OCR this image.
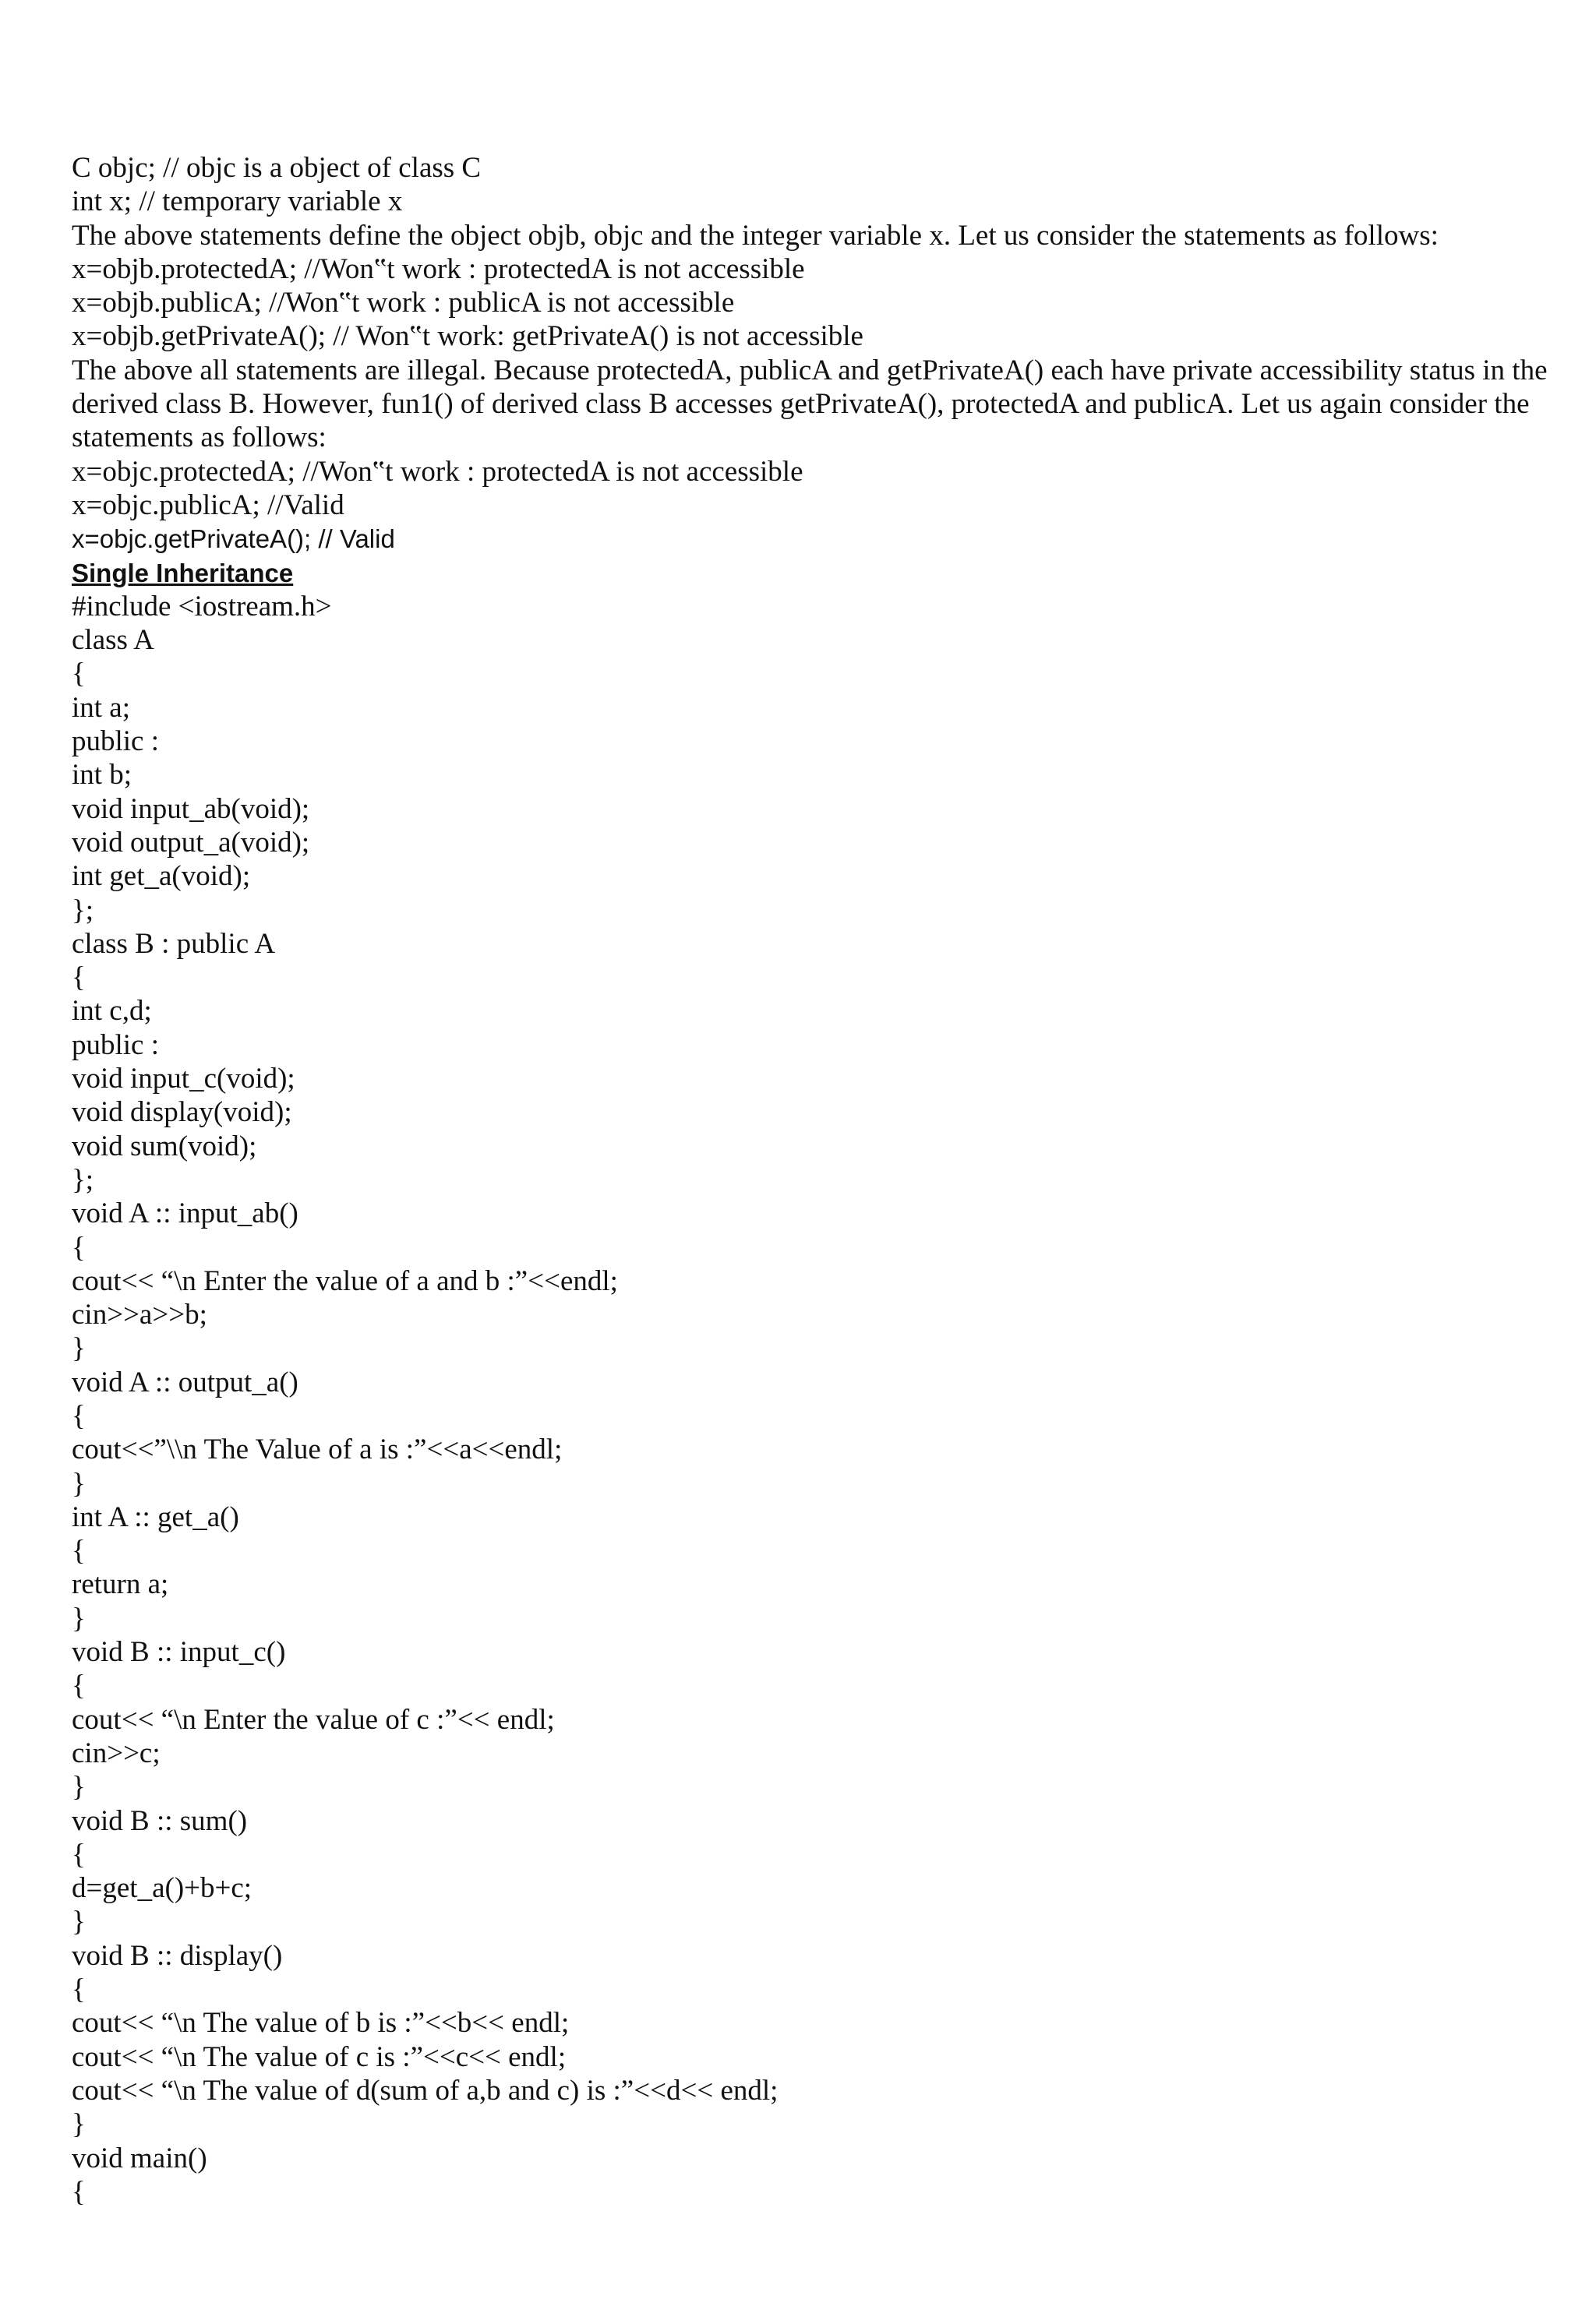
C objc; // objc is a object of class C
int x; // temporary variable x
The above statements define the object objb, objc and the integer variable x. Let us consider the statements as follows:
x=objb.protectedA; //Won‟t work : protectedA is not accessible
x=objb.publicA; //Won‟t work : publicA is not accessible
x=objb.getPrivateA(); // Won‟t work: getPrivateA() is not accessible

The above all statements are illegal. Because protectedA, publicA and getPrivateA() each have private accessibility status in the derived class B. However, fun1() of derived class B accesses getPrivateA(), protectedA and publicA. Let us again consider the statements as follows:

x=objc.protectedA; //Won‟t work : protectedA is not accessible
x=objc.publicA; //Valid
x=objc.getPrivateA(); // Valid
Single Inheritance
#include <iostream.h>
class A
{
int a;
public :
int b;
void input_ab(void);
void output_a(void);
int get_a(void);
};
class B : public A
{
int c,d;
public :
void input_c(void);
void display(void);
void sum(void);
};
void A :: input_ab()
{
cout<< “\n Enter the value of a and b :”<<endl;
cin>>a>>b;
}
void A :: output_a()
{
cout<<”\\n The Value of a is :”<<a<<endl;
}
int A :: get_a()
{
return a;
}
void B :: input_c()
{
cout<< “\n Enter the value of c :”<< endl;
cin>>c;
}
void B :: sum()
{
d=get_a()+b+c;
}
void B :: display()
{
cout<< “\n The value of b is :”<<b<< endl;
cout<< “\n The value of c is :”<<c<< endl;
cout<< “\n The value of d(sum of a,b and c) is :”<<d<< endl;
}
void main()
{
